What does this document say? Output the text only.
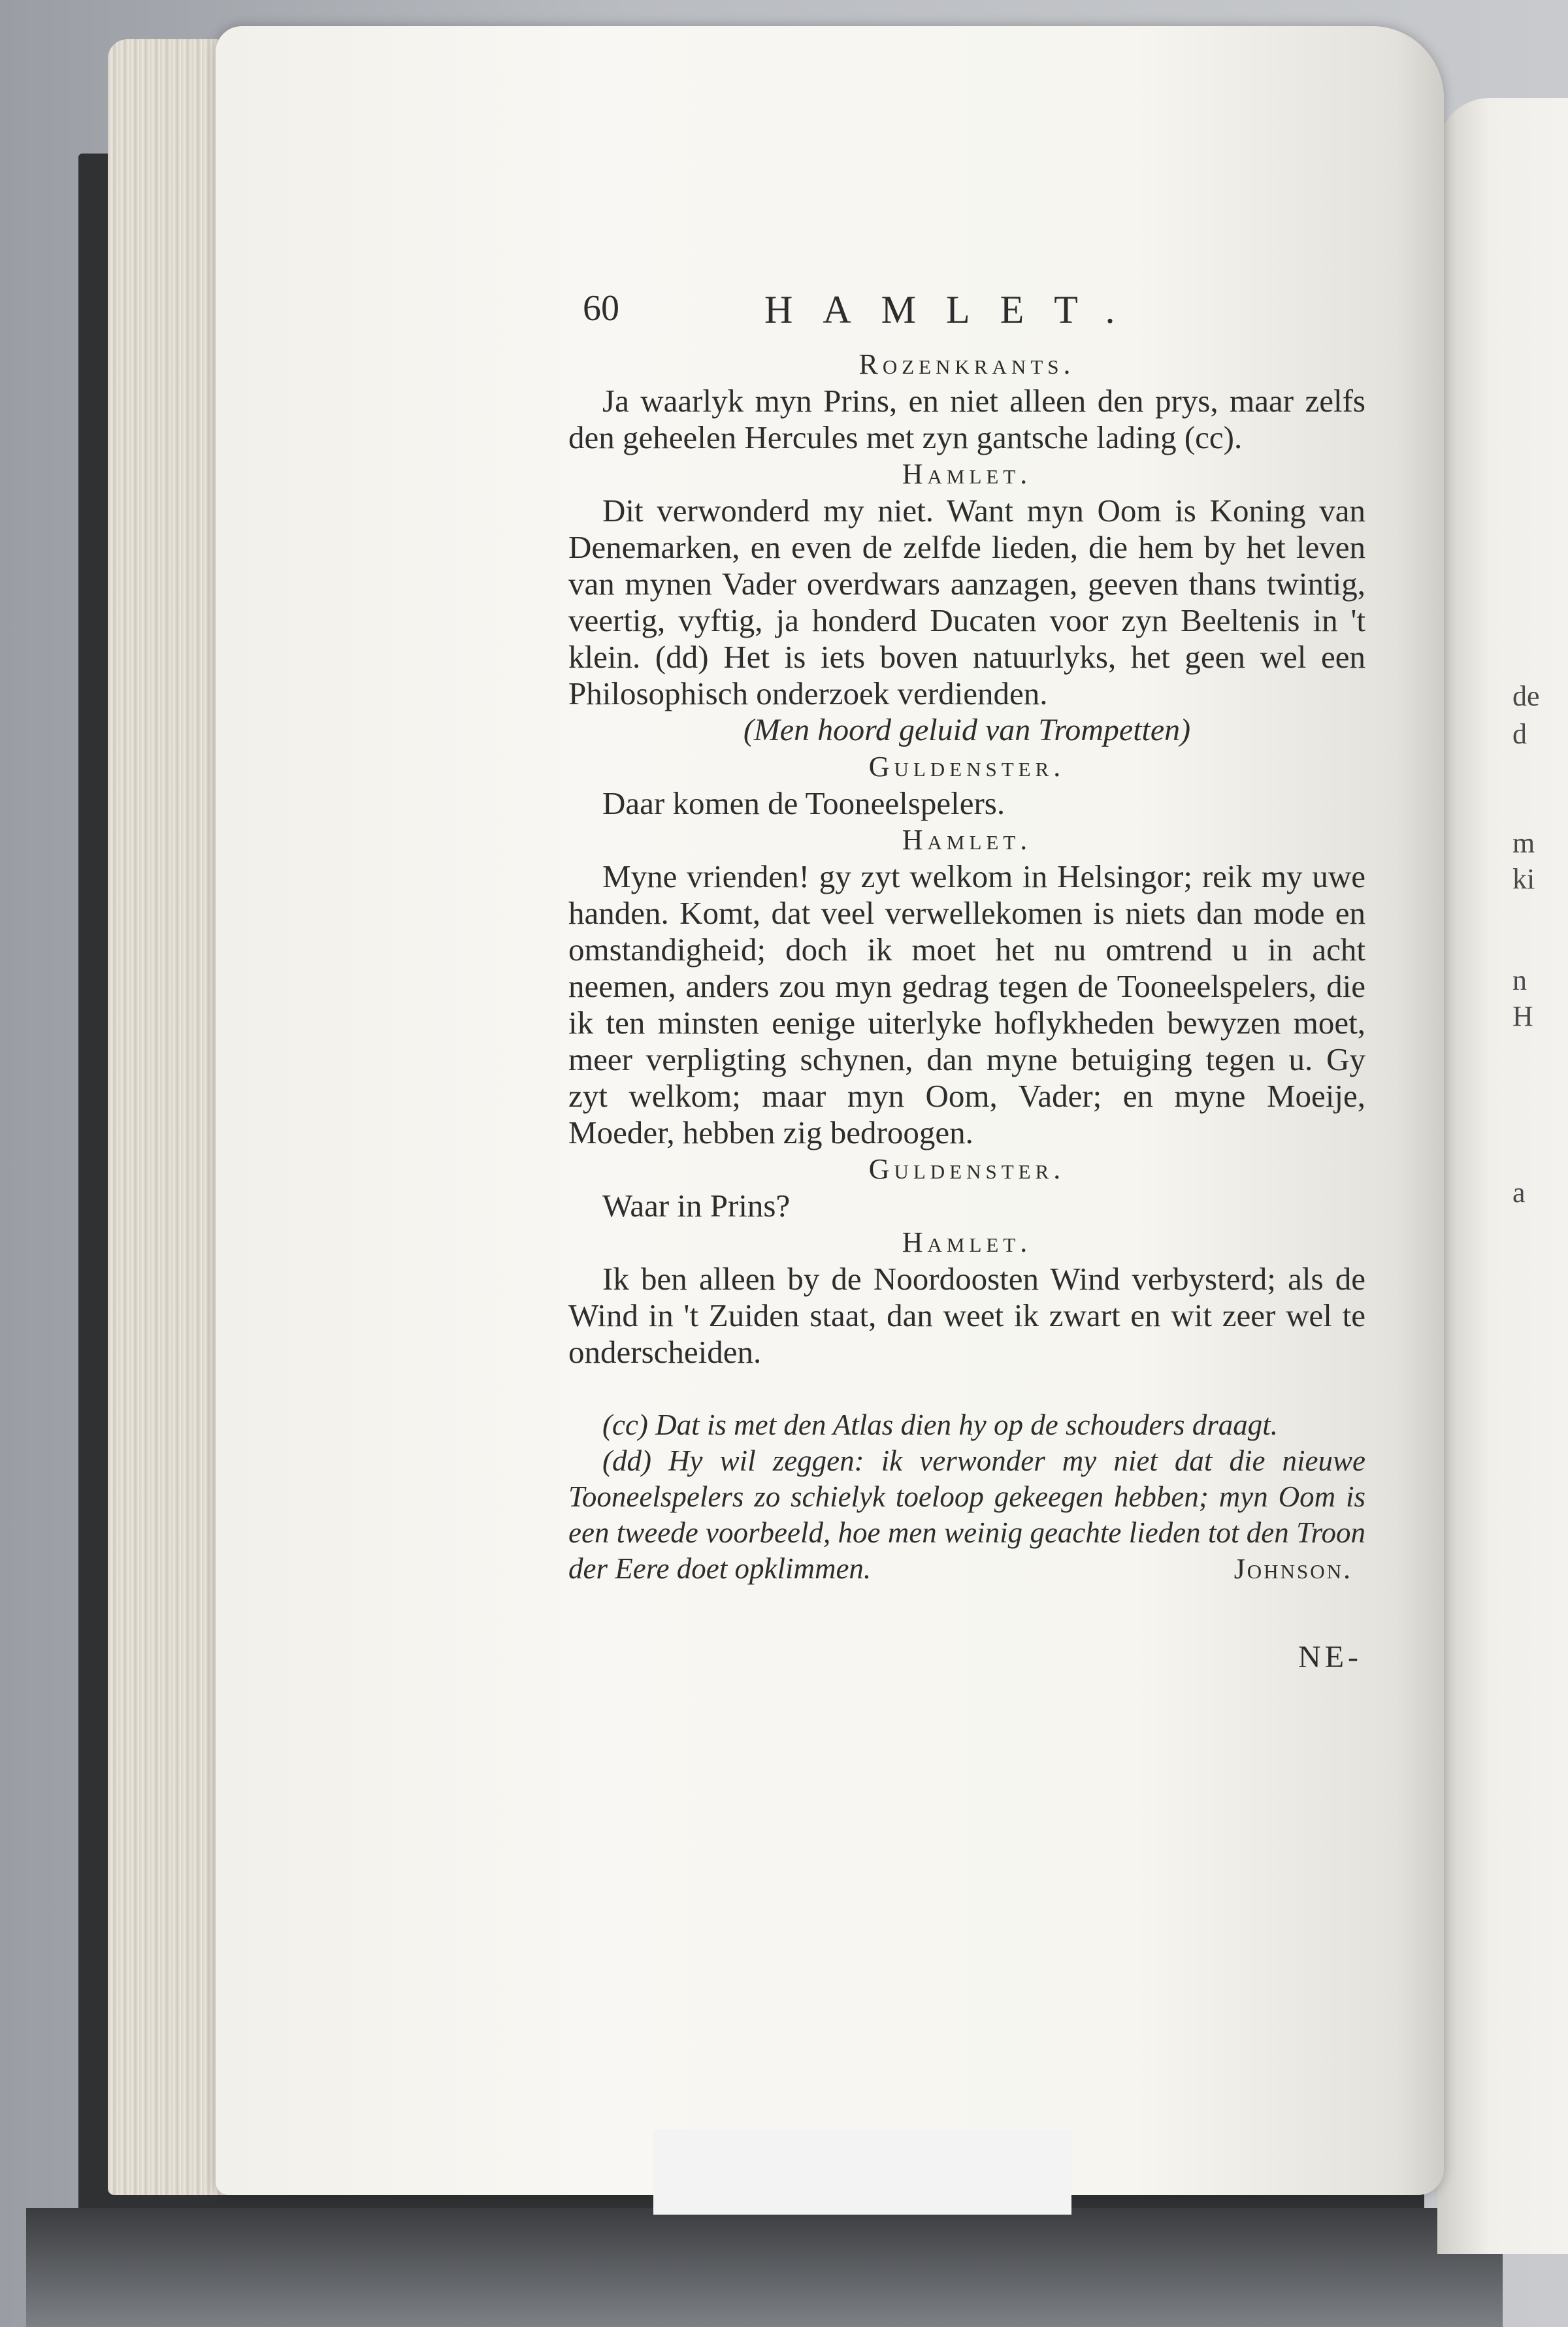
de
d
m
ki
n
H
a
60	HAMLET.
Rozenkrants.

Ja waarlyk myn Prins, en niet alleen den prys, maar zelfs den geheelen Hercules met zyn gantsche lading (cc).

Hamlet.

Dit verwonderd my niet. Want myn Oom is Koning van Denemarken, en even de zelfde lieden, die hem by het leven van mynen Vader overdwars aanzagen, geeven thans twintig, veertig, vyftig, ja honderd Ducaten voor zyn Beeltenis in 't klein. (dd) Het is iets boven natuurlyks, het geen wel een Philosophisch onderzoek verdienden.

(Men hoord geluid van Trompetten)
Guldenster.

Daar komen de Tooneelspelers.

Hamlet.

Myne vrienden! gy zyt welkom in Helsingor; reik my uwe handen. Komt, dat veel verwellekomen is niets dan mode en omstandigheid; doch ik moet het nu omtrend u in acht neemen, anders zou myn gedrag tegen de Tooneelspelers, die ik ten minsten eenige uiterlyke hoflykheden bewyzen moet, meer verpligting schynen, dan myne betuiging tegen u. Gy zyt welkom; maar myn Oom, Vader; en myne Moeije, Moeder, hebben zig bedroogen.

Guldenster.

Waar in Prins?

Hamlet.

Ik ben alleen by de Noordoosten Wind verbysterd; als de Wind in 't Zuiden staat, dan weet ik zwart en wit zeer wel te onderscheiden.

(cc) Dat is met den Atlas dien hy op de schouders draagt.

(dd) Hy wil zeggen: ik verwonder my niet dat die nieuwe Tooneelspelers zo schielyk toeloop gekeegen hebben; myn Oom is een tweede voorbeeld, hoe men weinig geachte lieden tot den Troon der Eere doet opklimmen.	Johnson.
NE-
